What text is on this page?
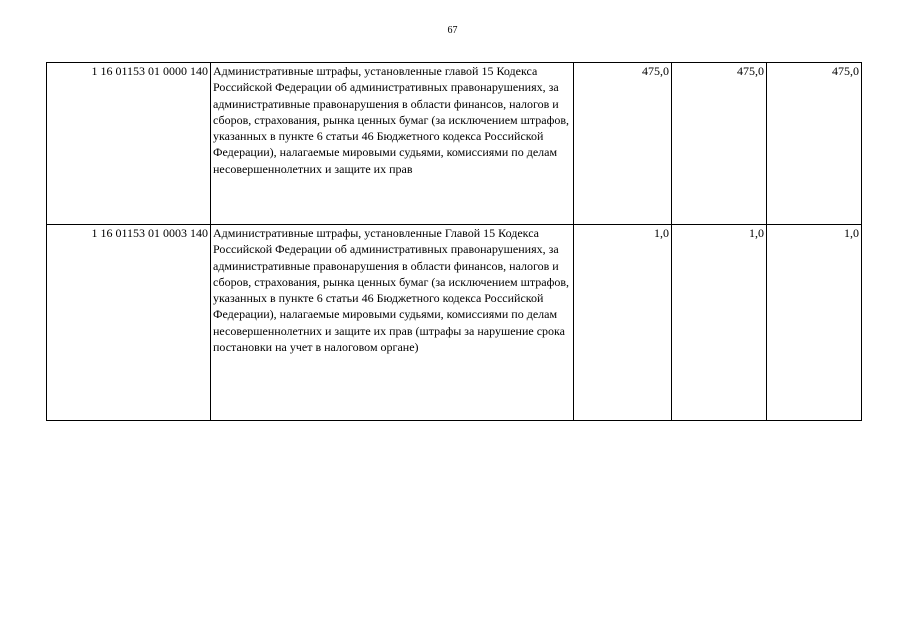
67
1 16 01153 01 0000 140	Административные штрафы, установленные главой 15 Кодекса Российской Федерации об административных правонарушениях, за административные правонарушения в области финансов, налогов и сборов, страхования, рынка ценных бумаг (за исключением штрафов, указанных в пункте 6 статьи 46 Бюджетного кодекса Российской Федерации), налагаемые мировыми судьями, комиссиями по делам несовершеннолетних и защите их прав	475,0	475,0	475,0
1 16 01153 01 0003 140	Административные штрафы, установленные Главой 15 Кодекса Российской Федерации об административных правонарушениях, за административные правонарушения в области финансов, налогов и сборов, страхования, рынка ценных бумаг (за исключением штрафов, указанных в пункте 6 статьи 46 Бюджетного кодекса Российской Федерации), налагаемые мировыми судьями, комиссиями по делам несовершеннолетних и защите их прав (штрафы за нарушение срока постановки на учет в налоговом органе)	1,0	1,0	1,0
